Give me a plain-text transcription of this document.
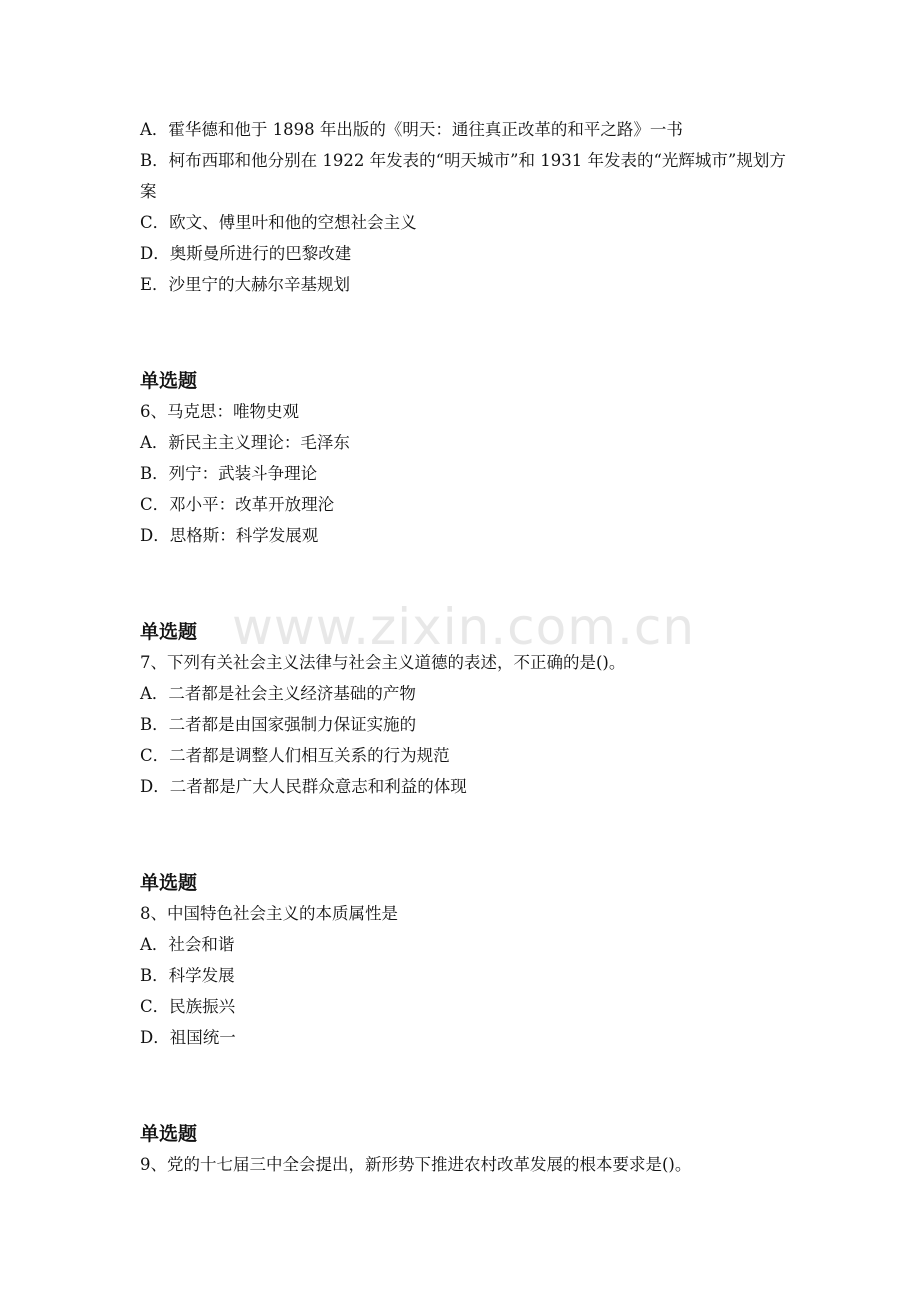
www.zixin.com.cn
A．霍华德和他于 1898 年出版的《明天：通往真正改革的和平之路》一书
B．柯布西耶和他分别在 1922 年发表的“明天城市”和 1931 年发表的“光辉城市”规划方案
C．欧文、傅里叶和他的空想社会主义
D．奥斯曼所进行的巴黎改建
E．沙里宁的大赫尔辛基规划
单选题
6、马克思：唯物史观
A．新民主主义理论：毛泽东
B．列宁：武装斗争理论
C．邓小平：改革开放理沦
D．思格斯：科学发展观
单选题
7、下列有关社会主义法律与社会主义道德的表述，不正确的是()。
A．二者都是社会主义经济基础的产物
B．二者都是由国家强制力保证实施的
C．二者都是调整人们相互关系的行为规范
D．二者都是广大人民群众意志和利益的体现
单选题
8、中国特色社会主义的本质属性是
A．社会和谐
B．科学发展
C．民族振兴
D．祖国统一
单选题
9、党的十七届三中全会提出，新形势下推进农村改革发展的根本要求是()。
